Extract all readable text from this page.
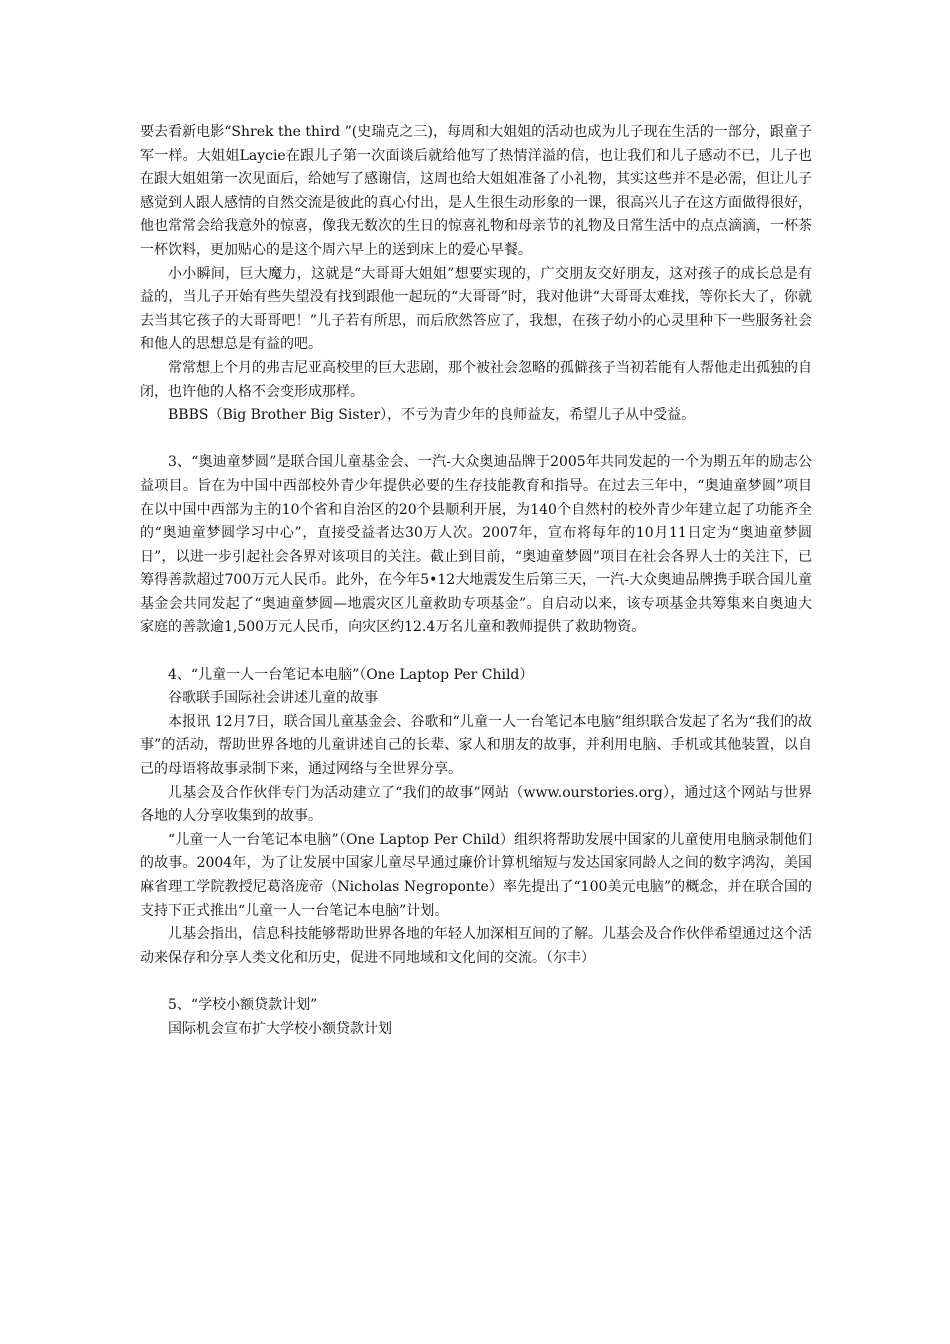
要去看新电影“Shrek the third ”(史瑞克之三)，每周和大姐姐的活动也成为儿子现在生活的一部分，跟童子军一样。大姐姐Laycie在跟儿子第一次面谈后就给他写了热情洋溢的信，也让我们和儿子感动不已，儿子也在跟大姐姐第一次见面后，给她写了感谢信，这周也给大姐姐准备了小礼物，其实这些并不是必需，但让儿子感觉到人跟人感情的自然交流是彼此的真心付出，是人生很生动形象的一课，很高兴儿子在这方面做得很好，他也常常会给我意外的惊喜，像我无数次的生日的惊喜礼物和母亲节的礼物及日常生活中的点点滴滴，一杯茶一杯饮料，更加贴心的是这个周六早上的送到床上的爱心早餐。

小小瞬间，巨大魔力，这就是“大哥哥大姐姐”想要实现的，广交朋友交好朋友，这对孩子的成长总是有益的，当儿子开始有些失望没有找到跟他一起玩的“大哥哥”时，我对他讲“大哥哥太难找，等你长大了，你就去当其它孩子的大哥哥吧！”儿子若有所思，而后欣然答应了，我想，在孩子幼小的心灵里种下一些服务社会和他人的思想总是有益的吧。

常常想上个月的弗吉尼亚高校里的巨大悲剧，那个被社会忽略的孤僻孩子当初若能有人帮他走出孤独的自闭，也许他的人格不会变形成那样。

BBBS（Big Brother Big Sister），不亏为青少年的良师益友，希望儿子从中受益。

3、“奥迪童梦圆”是联合国儿童基金会、一汽-大众奥迪品牌于2005年共同发起的一个为期五年的励志公益项目。旨在为中国中西部校外青少年提供必要的生存技能教育和指导。在过去三年中，“奥迪童梦圆”项目在以中国中西部为主的10个省和自治区的20个县顺利开展，为140个自然村的校外青少年建立起了功能齐全的“奥迪童梦圆学习中心”，直接受益者达30万人次。2007年，宣布将每年的10月11日定为“奥迪童梦圆日”，以进一步引起社会各界对该项目的关注。截止到目前，“奥迪童梦圆”项目在社会各界人士的关注下，已筹得善款超过700万元人民币。此外，在今年5•12大地震发生后第三天，一汽-大众奥迪品牌携手联合国儿童基金会共同发起了“奥迪童梦圆—地震灾区儿童救助专项基金”。自启动以来，该专项基金共筹集来自奥迪大家庭的善款逾1,500万元人民币，向灾区约12.4万名儿童和教师提供了救助物资。

4、“儿童一人一台笔记本电脑”（One Laptop Per Child）

谷歌联手国际社会讲述儿童的故事

本报讯 12月7日，联合国儿童基金会、谷歌和“儿童一人一台笔记本电脑”组织联合发起了名为“我们的故事”的活动，帮助世界各地的儿童讲述自己的长辈、家人和朋友的故事，并利用电脑、手机或其他装置，以自己的母语将故事录制下来，通过网络与全世界分享。

儿基会及合作伙伴专门为活动建立了“我们的故事”网站（www.ourstories.org），通过这个网站与世界各地的人分享收集到的故事。

“儿童一人一台笔记本电脑”（One Laptop Per Child）组织将帮助发展中国家的儿童使用电脑录制他们的故事。2004年，为了让发展中国家儿童尽早通过廉价计算机缩短与发达国家同龄人之间的数字鸿沟，美国麻省理工学院教授尼葛洛庞帝（Nicholas Negroponte）率先提出了“100美元电脑”的概念，并在联合国的支持下正式推出“儿童一人一台笔记本电脑”计划。

儿基会指出，信息科技能够帮助世界各地的年轻人加深相互间的了解。儿基会及合作伙伴希望通过这个活动来保存和分享人类文化和历史，促进不同地域和文化间的交流。（尔丰）

5、“学校小额贷款计划”

国际机会宣布扩大学校小额贷款计划
